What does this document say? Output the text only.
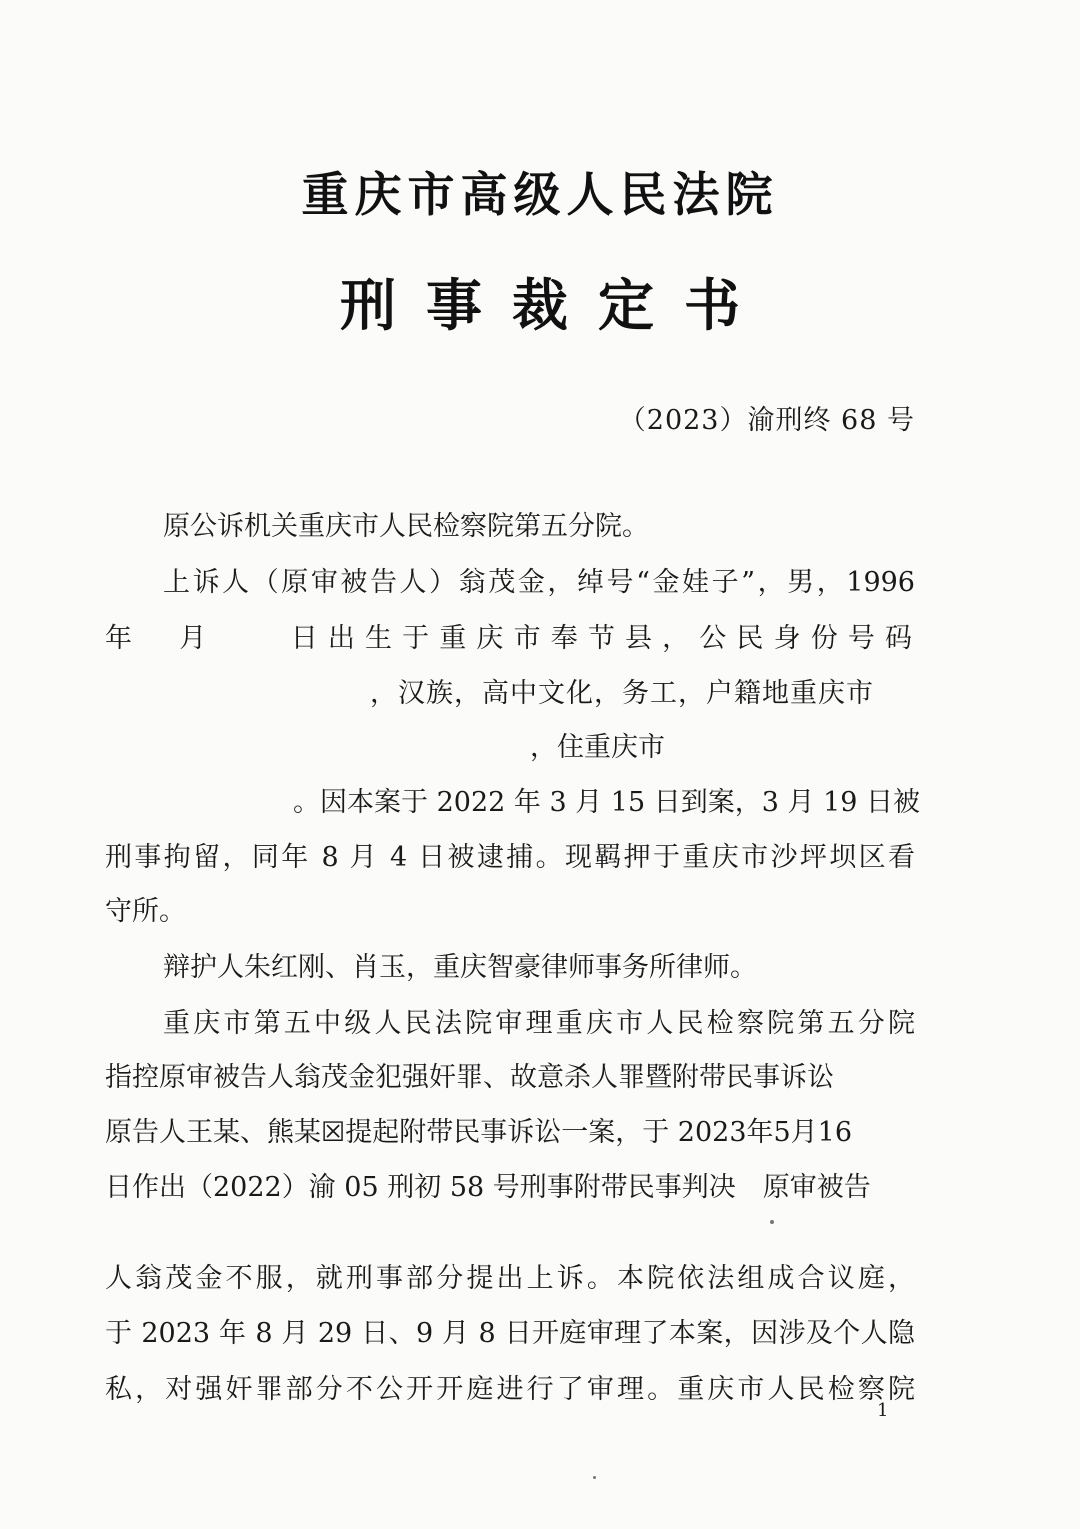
重庆市高级人民法院
刑事裁定书
（2023）渝刑终 68 号
原公诉机关重庆市人民检察院第五分院。
上诉人（原审被告人）翁茂金，绰号“金娃子”，男，1996
年　月　　日出生于重庆市奉节县，公民身份号码
，汉族，高中文化，务工，户籍地重庆市
，住重庆市
。因本案于 2022 年 3 月 15 日到案，3 月 19 日被
刑事拘留，同年 8 月 4 日被逮捕。现羁押于重庆市沙坪坝区看
守所。
辩护人朱红刚、肖玉，重庆智豪律师事务所律师。
重庆市第五中级人民法院审理重庆市人民检察院第五分院
指控原审被告人翁茂金犯强奸罪、故意杀人罪暨附带民事诉讼
原告人王某、熊某☒提起附带民事诉讼一案，于 2023年5月16
日作出（2022）渝 05 刑初 58 号刑事附带民事判决　原审被告
人翁茂金不服，就刑事部分提出上诉。本院依法组成合议庭，
于 2023 年 8 月 29 日、9 月 8 日开庭审理了本案，因涉及个人隐
私，对强奸罪部分不公开开庭进行了审理。重庆市人民检察院
1
